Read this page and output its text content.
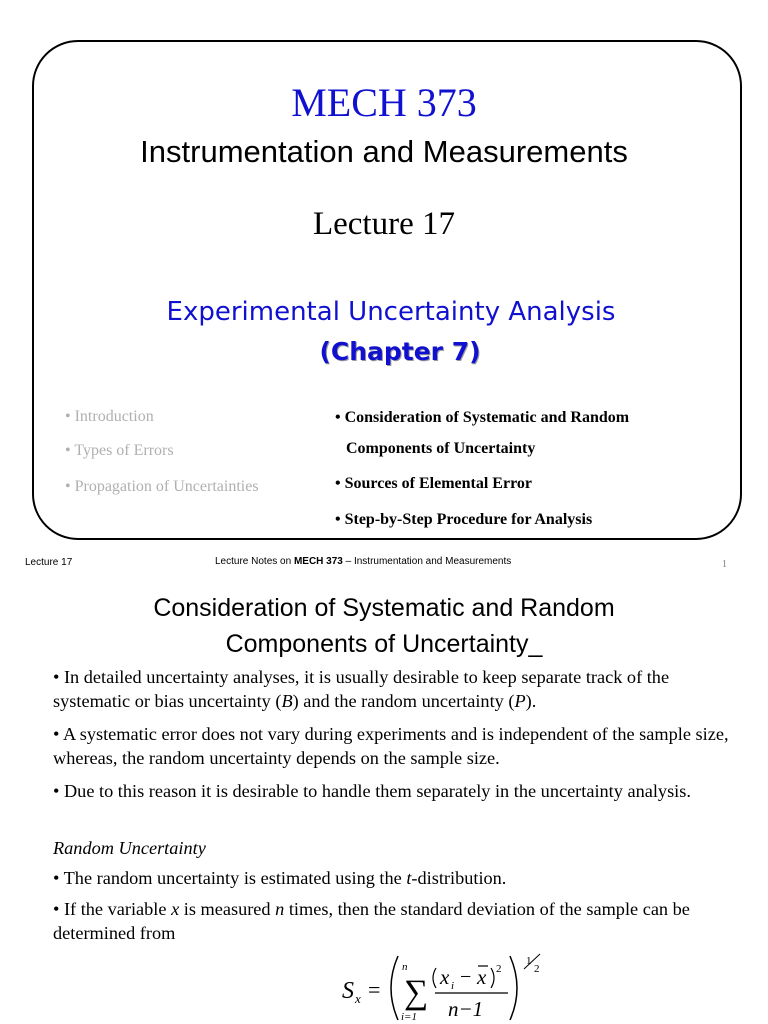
MECH 373
Instrumentation and Measurements
Lecture 17
Experimental Uncertainty Analysis
(Chapter 7)
• Introduction
• Types of Errors
• Propagation of Uncertainties
• Consideration of Systematic and Random
Components of Uncertainty
• Sources of Elemental Error
• Step-by-Step Procedure for Analysis
Lecture 17	Lecture Notes on MECH 373 – Instrumentation and Measurements	1
Consideration of Systematic and Random
Components of Uncertainty_
• In detailed uncertainty analyses, it is usually desirable to keep separate track of the systematic or bias uncertainty (B) and the random uncertainty (P).
• A systematic error does not vary during experiments and is independent of the sample size, whereas, the random uncertainty depends on the sample size.
• Due to this reason it is desirable to handle them separately in the uncertainty analysis.
Random Uncertainty
• The random uncertainty is estimated using the t-distribution.
• If the variable x is measured n times, then the standard deviation of the sample can be determined from
S x =
n
∑
i=1
x i − x 2
n−1
1
2
